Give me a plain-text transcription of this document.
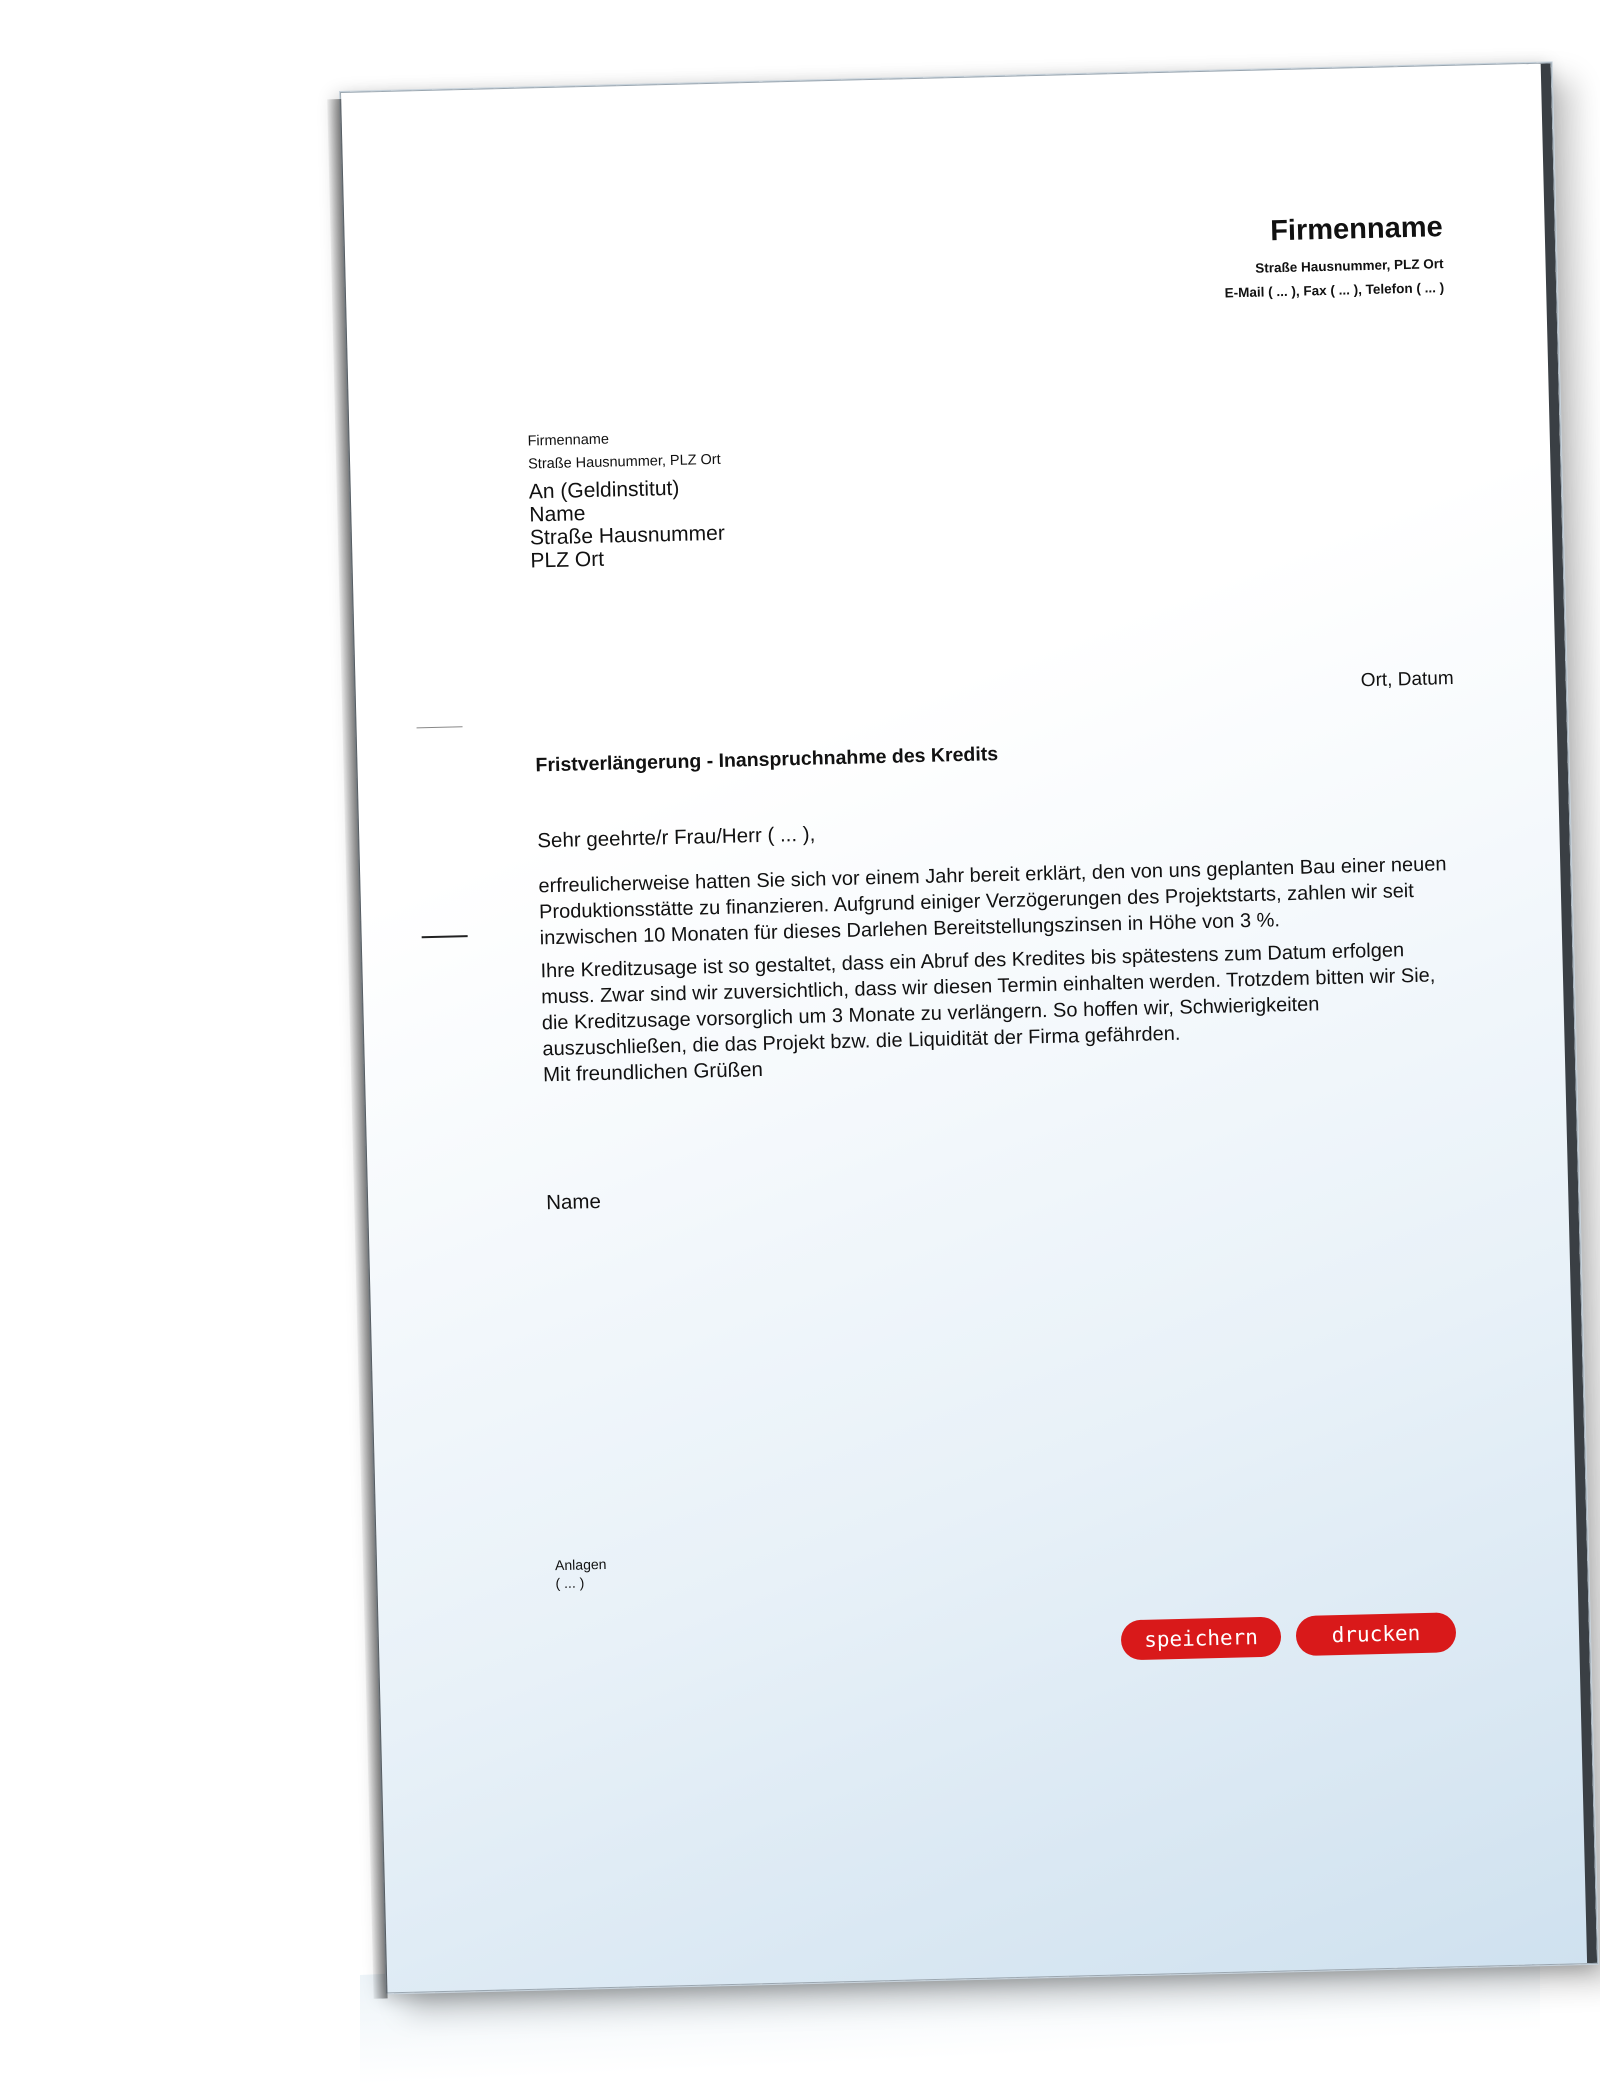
Firmenname
Straße Hausnummer, PLZ Ort
E-Mail ( ... ), Fax ( ... ), Telefon ( ... )
Firmenname
Straße Hausnummer, PLZ Ort
An (Geldinstitut)
Name
Straße Hausnummer
PLZ Ort
Ort, Datum
Fristverlängerung - Inanspruchnahme des Kredits
Sehr geehrte/r Frau/Herr ( ... ),
erfreulicherweise hatten Sie sich vor einem Jahr bereit erklärt, den von uns geplanten Bau einer neuen Produktionsstätte zu finanzieren. Aufgrund einiger Verzögerungen des Projektstarts, zahlen wir seit inzwischen 10 Monaten für dieses Darlehen Bereitstellungszinsen in Höhe von 3 %.
Ihre Kreditzusage ist so gestaltet, dass ein Abruf des Kredites bis spätestens zum Datum erfolgen muss. Zwar sind wir zuversichtlich, dass wir diesen Termin einhalten werden. Trotzdem bitten wir Sie, die Kreditzusage vorsorglich um 3 Monate zu verlängern. So hoffen wir, Schwierigkeiten auszuschließen, die das Projekt bzw. die Liquidität der Firma gefährden.
Mit freundlichen Grüßen
Name
Anlagen
( ... )
speichern	drucken
